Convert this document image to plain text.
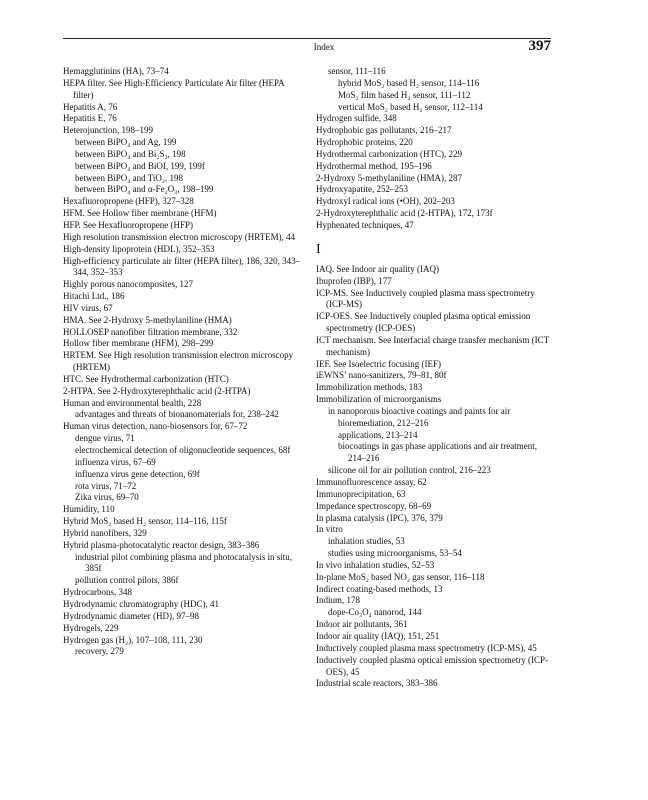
Index	397

Hemagglutinins (HA), 73–74

HEPA filter. See High-Efficiency Particulate Air filter (HEPA filter)

Hepatitis A, 76

Hepatitis E, 76

Heterojunction, 198–199

between BiPO₄ and Ag, 199

between BiPO₄ and Bi₂S₃, 198

between BiPO₄ and BiOI, 199, 199f

between BiPO₄ and TiO₂, 198

between BiPO₄ and α-Fe₂O₃, 198–199

Hexafluoropropene (HFP), 327–328

HFM. See Hollow fiber membrane (HFM)

HFP. See Hexafluoropropene (HFP)

High resolution transmission electron microscopy (HRTEM), 44

High-density lipoprotein (HDL), 352–353

High-efficiency particulate air filter (HEPA filter), 186, 320, 343–344, 352–353

Highly porous nanocomposites, 127

Hitachi Ltd., 186

HIV virus, 67

HMA. See 2-Hydroxy 5-methylaniline (HMA)

HOLLOSEP nanofiber filtration membrane, 332

Hollow fiber membrane (HFM), 298–299

HRTEM. See High resolution transmission electron microscopy (HRTEM)

HTC. See Hydrothermal carbonization (HTC)

2-HTPA. See 2-Hydroxyterephthalic acid (2-HTPA)

Human and environmental health, 228

advantages and threats of bionanomaterials for, 238–242

Human virus detection, nano-biosensors for, 67–72

dengue virus, 71

electrochemical detection of oligonucleotide sequences, 68f

influenza virus, 67–69

influenza virus gene detection, 69f

rota virus, 71–72

Zika virus, 69–70

Humidity, 110

Hybrid MoS₂ based H₂ sensor, 114–116, 115f

Hybrid nanofibers, 329

Hybrid plasma-photocatalytic reactor design, 383–386

industrial pilot combining plasma and photocatalysis in situ, 385f

pollution control pilots, 386f

Hydrocarbons, 348

Hydrodynamic chromatography (HDC), 41

Hydrodynamic diameter (HD), 97–98

Hydrogels, 229

Hydrogen gas (H₂), 107–108, 111, 230

recovery, 279

sensor, 111–116

hybrid MoS₂ based H₂ sensor, 114–116

MoS₂ film based H₂ sensor, 111–112

vertical MoS₂ based H₂ sensor, 112–114

Hydrogen sulfide, 348

Hydrophobic gas pollutants, 216–217

Hydrophobic proteins, 220

Hydrothermal carbonization (HTC), 229

Hydrothermal method, 195–196

2-Hydroxy 5-methylaniline (HMA), 287

Hydroxyapatite, 252–253

Hydroxyl radical ions (•OH), 202–203

2-Hydroxyterephthalic acid (2-HTPA), 172, 173f

Hyphenated techniques, 47

I

IAQ. See Indoor air quality (IAQ)

Ibuprofen (IBP), 177

ICP-MS. See Inductively coupled plasma mass spectrometry (ICP-MS)

ICP-OES. See Inductively coupled plasma optical emission spectrometry (ICP-OES)

ICT mechanism. See Interfacial charge transfer mechanism (ICT mechanism)

IEF. See Isoelectric focusing (IEF)

iEWNS’ nano-sanitizers, 79–81, 80f

Immobilization methods, 183

Immobilization of microorganisms

in nanoporous bioactive coatings and paints for air bioremediation, 212–216

applications, 213–214

biocoatings in gas phase applications and air treatment, 214–216

silicone oil for air pollution control, 216–223

Immunofluorescence assay, 62

Immunoprecipitation, 63

Impedance spectroscopy, 68–69

In plasma catalysis (IPC), 376, 379

In vitro

inhalation studies, 53

studies using microorganisms, 53–54

In vivo inhalation studies, 52–53

In-plane MoS₂ based NO₂ gas sensor, 116–118

Indirect coating-based methods, 13

Indium, 178

dope-Co₃O₄ nanorod, 144

Indoor air pollutants, 361

Indoor air quality (IAQ), 151, 251

Inductively coupled plasma mass spectrometry (ICP-MS), 45

Inductively coupled plasma optical emission spectrometry (ICP-OES), 45

Industrial scale reactors, 383–386
